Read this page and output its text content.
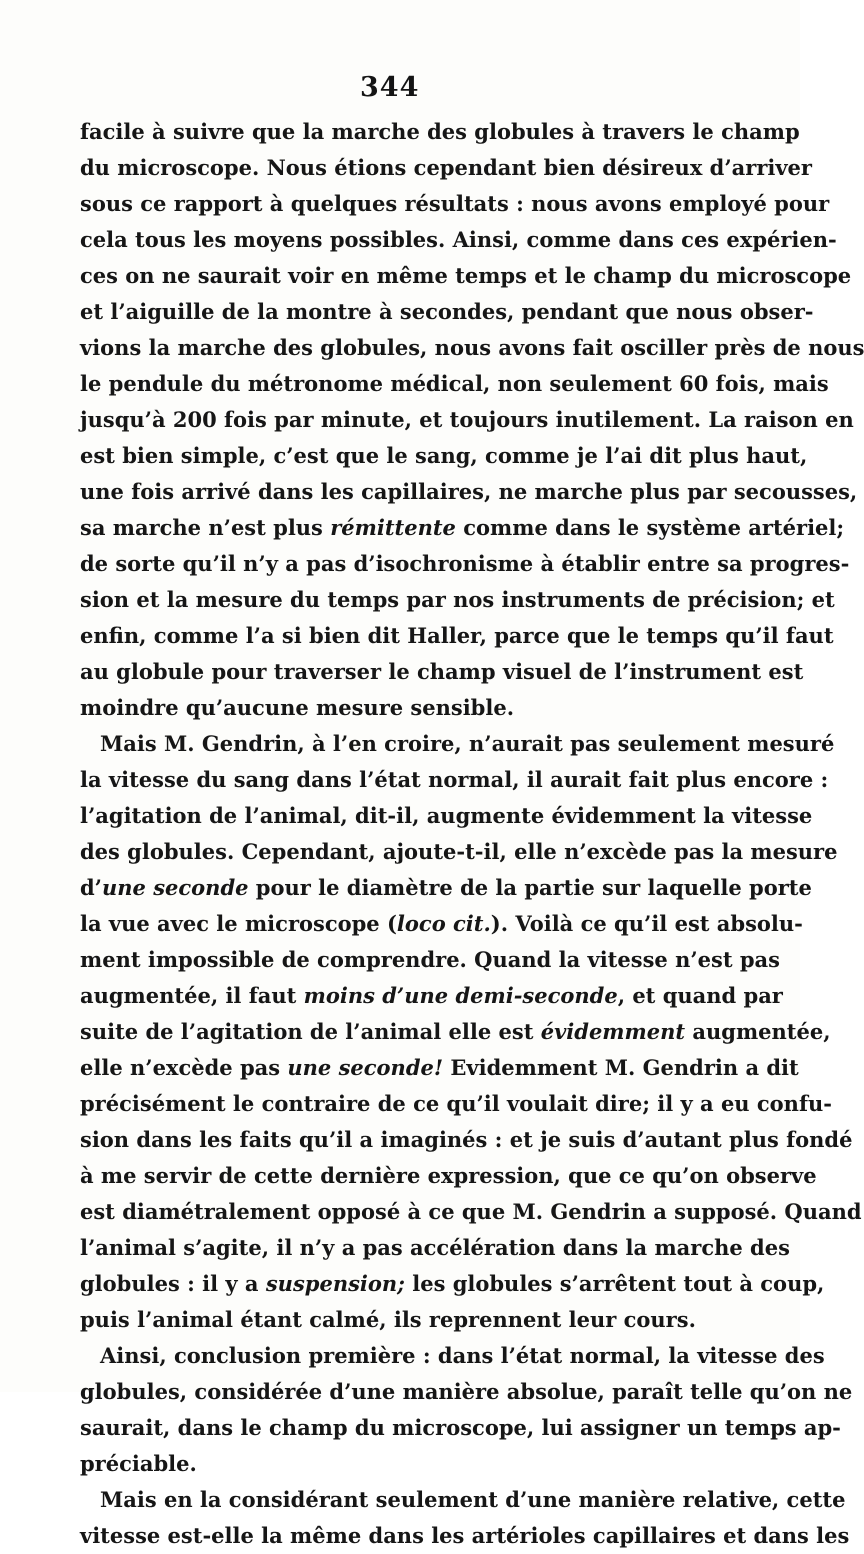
344
facile à suivre que la marche des globules à travers le champ
du microscope. Nous étions cependant bien désireux d’arriver
sous ce rapport à quelques résultats : nous avons employé pour
cela tous les moyens possibles. Ainsi, comme dans ces expérien-
ces on ne saurait voir en même temps et le champ du microscope
et l’aiguille de la montre à secondes, pendant que nous obser-
vions la marche des globules, nous avons fait osciller près de nous
le pendule du métronome médical, non seulement 60 fois, mais
jusqu’à 200 fois par minute, et toujours inutilement. La raison en
est bien simple, c’est que le sang, comme je l’ai dit plus haut,
une fois arrivé dans les capillaires, ne marche plus par secousses,
sa marche n’est plus rémittente comme dans le système artériel;
de sorte qu’il n’y a pas d’isochronisme à établir entre sa progres-
sion et la mesure du temps par nos instruments de précision; et
enfin, comme l’a si bien dit Haller, parce que le temps qu’il faut
au globule pour traverser le champ visuel de l’instrument est
moindre qu’aucune mesure sensible.
Mais M. Gendrin, à l’en croire, n’aurait pas seulement mesuré
la vitesse du sang dans l’état normal, il aurait fait plus encore :
l’agitation de l’animal, dit-il, augmente évidemment la vitesse
des globules. Cependant, ajoute-t-il, elle n’excède pas la mesure
d’une seconde pour le diamètre de la partie sur laquelle porte
la vue avec le microscope (loco cit.). Voilà ce qu’il est absolu-
ment impossible de comprendre. Quand la vitesse n’est pas
augmentée, il faut moins d’une demi-seconde, et quand par
suite de l’agitation de l’animal elle est évidemment augmentée,
elle n’excède pas une seconde! Evidemment M. Gendrin a dit
précisément le contraire de ce qu’il voulait dire; il y a eu confu-
sion dans les faits qu’il a imaginés : et je suis d’autant plus fondé
à me servir de cette dernière expression, que ce qu’on observe
est diamétralement opposé à ce que M. Gendrin a supposé. Quand
l’animal s’agite, il n’y a pas accélération dans la marche des
globules : il y a suspension; les globules s’arrêtent tout à coup,
puis l’animal étant calmé, ils reprennent leur cours.
Ainsi, conclusion première : dans l’état normal, la vitesse des
globules, considérée d’une manière absolue, paraît telle qu’on ne
saurait, dans le champ du microscope, lui assigner un temps ap-
préciable.
Mais en la considérant seulement d’une manière relative, cette
vitesse est-elle la même dans les artérioles capillaires et dans les
